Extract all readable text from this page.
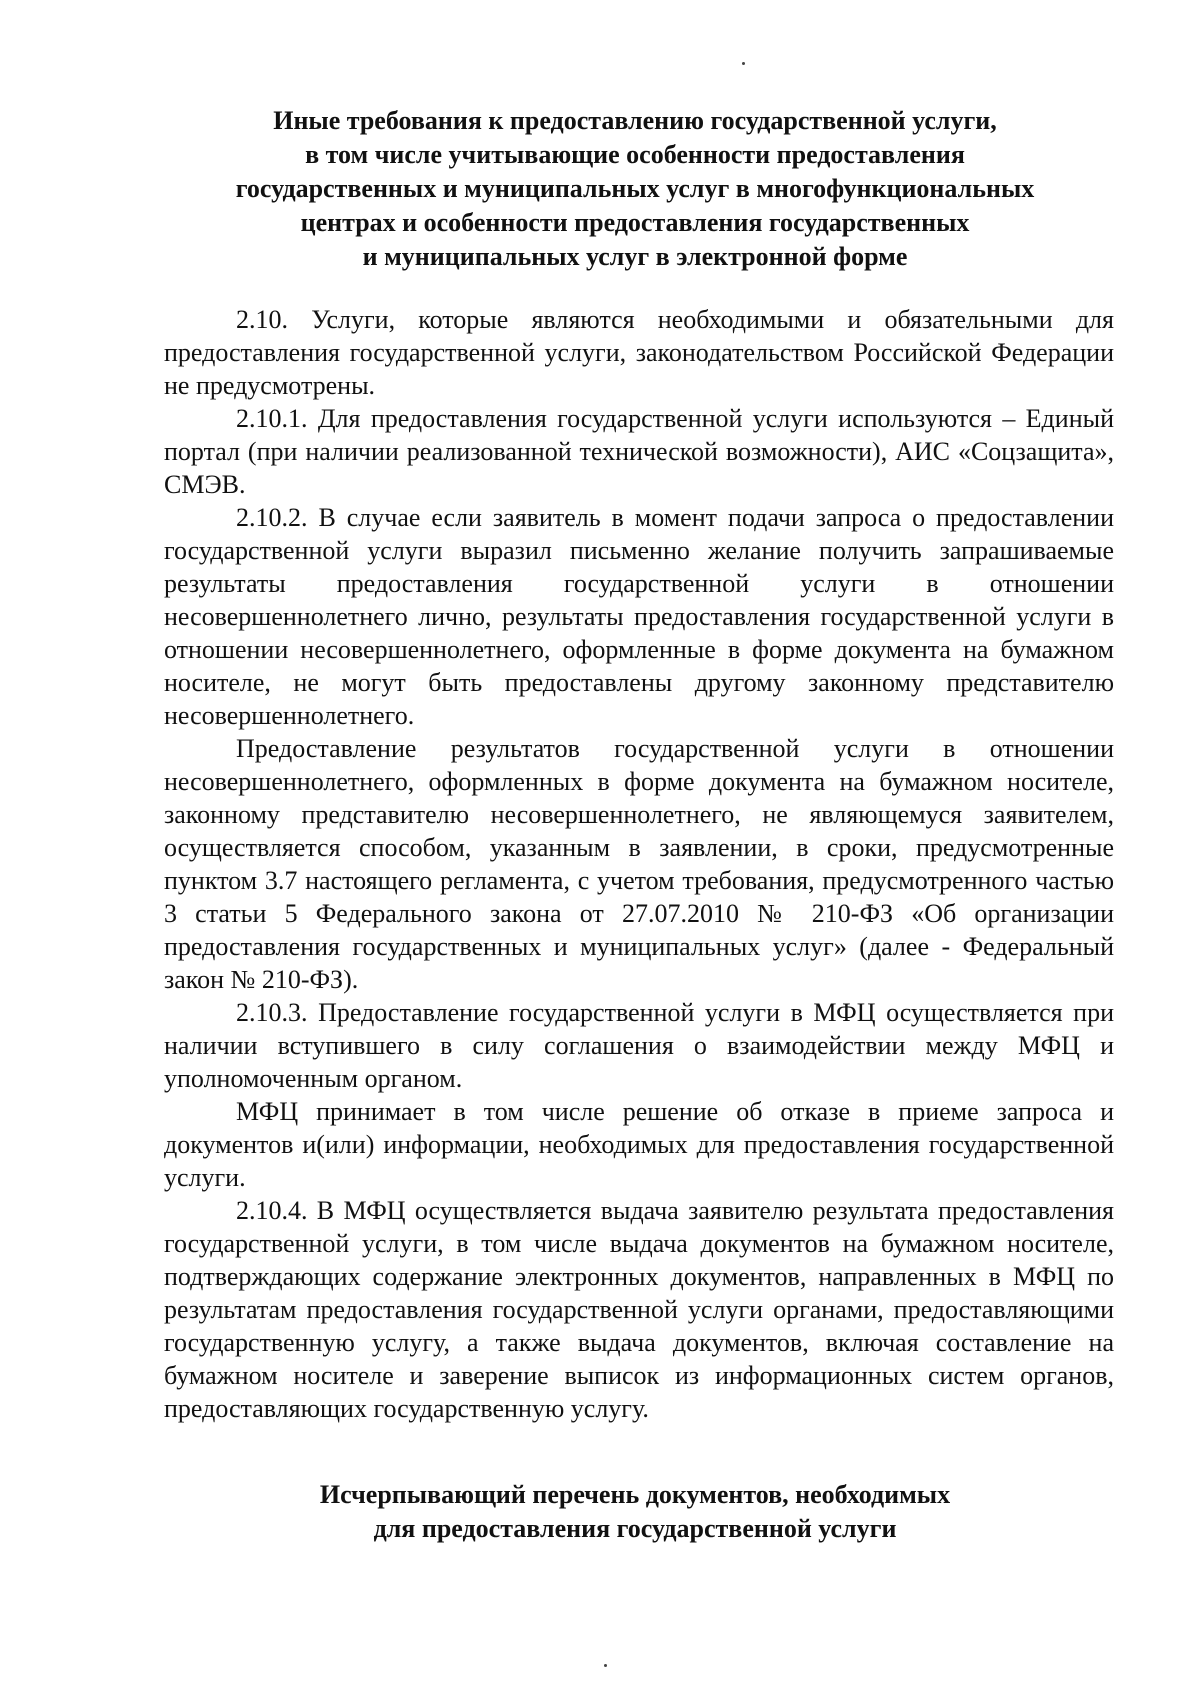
Иные требования к предоставлению государственной услуги,
в том числе учитывающие особенности предоставления
государственных и муниципальных услуг в многофункциональных
центрах и особенности предоставления государственных
и муниципальных услуг в электронной форме

2.10. Услуги, которые являются необходимыми и обязательными для предоставления государственной услуги, законодательством Российской Федерации не предусмотрены.

2.10.1. Для предоставления государственной услуги используются – Единый портал (при наличии реализованной технической возможности), АИС «Соцзащита», СМЭВ.

2.10.2. В случае если заявитель в момент подачи запроса о предоставлении государственной услуги выразил письменно желание получить запрашиваемые результаты предоставления государственной услуги в отношении несовершеннолетнего лично, результаты предоставления государственной услуги в отношении несовершеннолетнего, оформленные в форме документа на бумажном носителе, не могут быть предоставлены другому законному представителю несовершеннолетнего.

Предоставление результатов государственной услуги в отношении несовершеннолетнего, оформленных в форме документа на бумажном носителе, законному представителю несовершеннолетнего, не являющемуся заявителем, осуществляется способом, указанным в заявлении, в сроки, предусмотренные пунктом 3.7 настоящего регламента, с учетом требования, предусмотренного частью 3 статьи 5 Федерального закона от 27.07.2010 № 210-ФЗ «Об организации предоставления государственных и муниципальных услуг» (далее - Федеральный закон № 210-ФЗ).

2.10.3. Предоставление государственной услуги в МФЦ осуществляется при наличии вступившего в силу соглашения о взаимодействии между МФЦ и уполномоченным органом.

МФЦ принимает в том числе решение об отказе в приеме запроса и документов и(или) информации, необходимых для предоставления государственной услуги.

2.10.4. В МФЦ осуществляется выдача заявителю результата предоставления государственной услуги, в том числе выдача документов на бумажном носителе, подтверждающих содержание электронных документов, направленных в МФЦ по результатам предоставления государственной услуги органами, предоставляющими государственную услугу, а также выдача документов, включая составление на бумажном носителе и заверение выписок из информационных систем органов, предоставляющих государственную услугу.

Исчерпывающий перечень документов, необходимых
для предоставления государственной услуги
